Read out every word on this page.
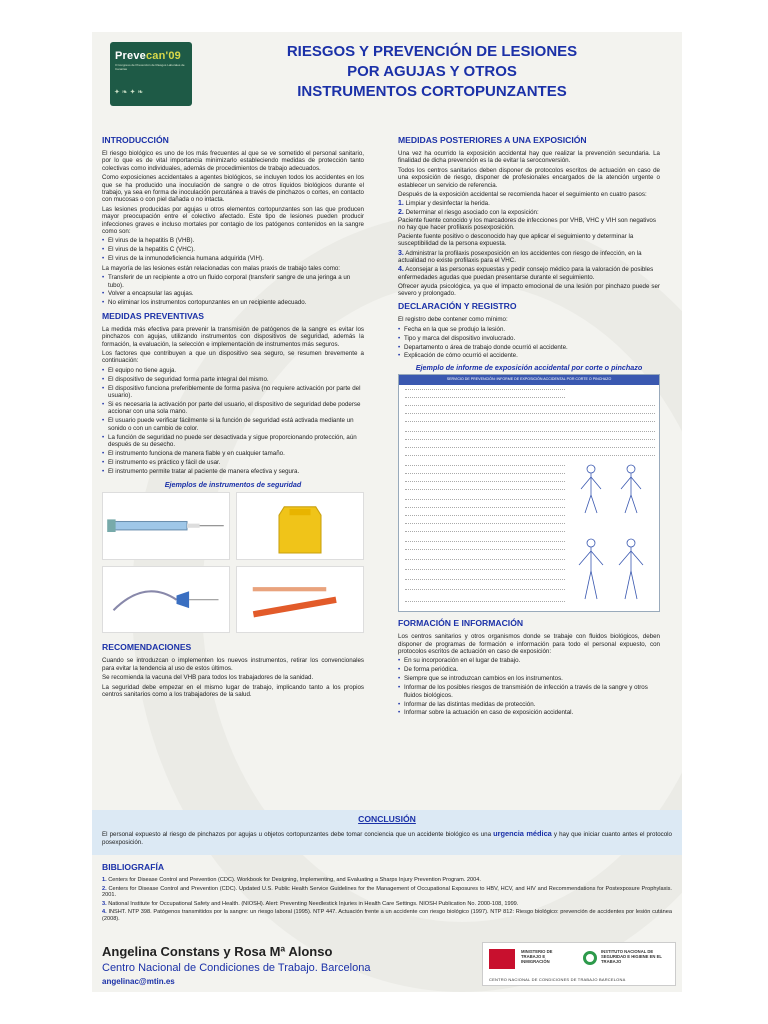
Prevecan'09
II Congreso de Prevención de Riesgos Laborales de Canarias
✦ ❧ ✦ ❧
RIESGOS Y PREVENCIÓN DE LESIONES
POR AGUJAS Y OTROS
INSTRUMENTOS CORTOPUNZANTES
INTRODUCCIÓN

El riesgo biológico es uno de los más frecuentes al que se ve sometido el personal sanitario, por lo que es de vital importancia minimizarlo estableciendo medidas de protección tanto colectivas como individuales, además de procedimientos de trabajo adecuados.

Como exposiciones accidentales a agentes biológicos, se incluyen todos los accidentes en los que se ha producido una inoculación de sangre o de otros líquidos biológicos durante el trabajo, ya sea en forma de inoculación percutánea a través de pinchazos o cortes, en contacto con mucosas o con piel dañada o no intacta.

Las lesiones producidas por agujas u otros elementos cortopunzantes son las que producen mayor preocupación entre el colectivo afectado. Este tipo de lesiones pueden producir infecciones graves e incluso mortales por contagio de los patógenos contenidos en la sangre como son:

• El virus de la hepatitis B (VHB).
• El virus de la hepatitis C (VHC).
• El virus de la inmunodeficiencia humana adquirida (VIH).

La mayoría de las lesiones están relacionadas con malas praxis de trabajo tales como:

• Transferir de un recipiente a otro un fluido corporal (transferir sangre de una jeringa a un tubo).
• Volver a encapsular las agujas.
• No eliminar los instrumentos cortopunzantes en un recipiente adecuado.
MEDIDAS PREVENTIVAS

La medida más efectiva para prevenir la transmisión de patógenos de la sangre es evitar los pinchazos con agujas, utilizando instrumentos con dispositivos de seguridad, además la formación, la evaluación, la selección e implementación de instrumentos más seguros.

Los factores que contribuyen a que un dispositivo sea seguro, se resumen brevemente a continuación:

• El equipo no tiene aguja.
• El dispositivo de seguridad forma parte integral del mismo.
• El dispositivo funciona preferiblemente de forma pasiva (no requiere activación por parte del usuario).
• Si es necesaria la activación por parte del usuario, el dispositivo de seguridad debe poderse accionar con una sola mano.
• El usuario puede verificar fácilmente si la función de seguridad está activada mediante un sonido o con un cambio de color.
• La función de seguridad no puede ser desactivada y sigue proporcionando protección, aún después de su desecho.
• El instrumento funciona de manera fiable y en cualquier tamaño.
• El instrumento es práctico y fácil de usar.
• El instrumento permite tratar al paciente de manera efectiva y segura.
Ejemplos de instrumentos de seguridad
RECOMENDACIONES

Cuando se introduzcan o implementen los nuevos instrumentos, retirar los convencionales para evitar la tendencia al uso de estos últimos.

Se recomienda la vacuna del VHB para todos los trabajadores de la sanidad.

La seguridad debe empezar en el mismo lugar de trabajo, implicando tanto a los propios centros sanitarios como a los trabajadores de la salud.

MEDIDAS POSTERIORES A UNA EXPOSICIÓN

Una vez ha ocurrido la exposición accidental hay que realizar la prevención secundaria. La finalidad de dicha prevención es la de evitar la seroconversión.

Todos los centros sanitarios deben disponer de protocolos escritos de actuación en caso de una exposición de riesgo, disponer de profesionales encargados de la atención urgente o establecer un servicio de referencia.

Después de la exposición accidental se recomienda hacer el seguimiento en cuatro pasos:

1. Limpiar y desinfectar la herida.
2. Determinar el riesgo asociado con la exposición:
Paciente fuente conocido y los marcadores de infecciones por VHB, VHC y VIH son negativos no hay que hacer profilaxis posexposición.
Paciente fuente positivo o desconocido hay que aplicar el seguimiento y determinar la susceptibilidad de la persona expuesta.
3. Administrar la profilaxis posexposición en los accidentes con riesgo de infección, en la actualidad no existe profilaxis para el VHC.
4. Aconsejar a las personas expuestas y pedir consejo médico para la valoración de posibles enfermedades agudas que puedan presentarse durante el seguimiento.

Ofrecer ayuda psicológica, ya que el impacto emocional de una lesión por pinchazo puede ser severo y prolongado.

DECLARACIÓN Y REGISTRO

El registro debe contener como mínimo:

• Fecha en la que se produjo la lesión.
• Tipo y marca del dispositivo involucrado.
• Departamento o área de trabajo donde ocurrió el accidente.
• Explicación de cómo ocurrió el accidente.
Ejemplo de informe de exposición accidental por corte o pinchazo
SERVICIO DE PREVENCIÓN: INFORME DE EXPOSICIÓN ACCIDENTAL POR CORTE O PINCHAZO
FORMACIÓN E INFORMACIÓN

Los centros sanitarios y otros organismos donde se trabaje con fluidos biológicos, deben disponer de programas de formación e información para todo el personal expuesto, con protocolos escritos de actuación en caso de exposición:

• En su incorporación en el lugar de trabajo.
• De forma periódica.
• Siempre que se introduzcan cambios en los instrumentos.
• Informar de los posibles riesgos de transmisión de infección a través de la sangre y otros fluidos biológicos.
• Informar de las distintas medidas de protección.
• Informar sobre la actuación en caso de exposición accidental.
CONCLUSIÓN

El personal expuesto al riesgo de pinchazos por agujas u objetos cortopunzantes debe tomar conciencia que un accidente biológico es una urgencia médica y hay que iniciar cuanto antes el protocolo posexposición.

BIBLIOGRAFÍA

1. Centers for Disease Control and Prevention (CDC). Workbook for Designing, Implementing, and Evaluating a Sharps Injury Prevention Program. 2004.

2. Centers for Disease Control and Prevention (CDC). Updated U.S. Public Health Service Guidelines for the Management of Occupational Exposures to HBV, HCV, and HIV and Recommendations for Postexposure Prophylaxis. 2001.

3. National Institute for Occupational Safety and Health. (NIOSH). Alert: Preventing Needlestick Injuries in Health Care Settings. NIOSH Publication No. 2000-108, 1999.

4. INSHT. NTP 398. Patógenos transmitidos por la sangre: un riesgo laboral (1995). NTP 447. Actuación frente a un accidente con riesgo biológico (1997). NTP 812: Riesgo biológico: prevención de accidentes por lesión cutánea (2008).

Angelina Constans y Rosa Mª Alonso
Centro Nacional de Condiciones de Trabajo. Barcelona
angelinac@mtin.es
MINISTERIO DE TRABAJO E INMIGRACIÓN
INSTITUTO NACIONAL DE SEGURIDAD E HIGIENE EN EL TRABAJO
CENTRO NACIONAL DE CONDICIONES DE TRABAJO BARCELONA
